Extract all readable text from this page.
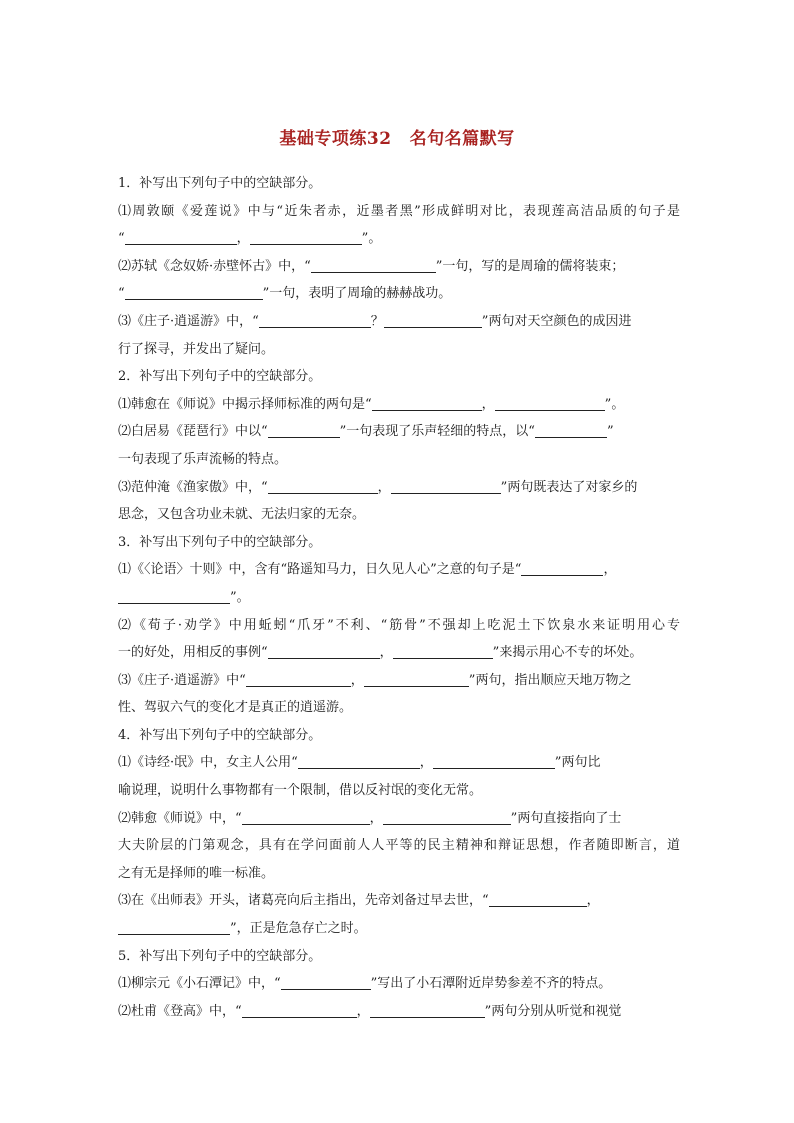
基础专项练32 名句名篇默写
1．补写出下列句子中的空缺部分。
⑴周敦颐《爱莲说》中与“近朱者赤，近墨者黑”形成鲜明对比，表现莲高洁品质的句子是
“	，	”。
⑵苏轼《念奴娇·赤壁怀古》中，“	”一句，写的是周瑜的儒将装束；
“	”一句，表明了周瑜的赫赫战功。
⑶《庄子·逍遥游》中，“	？	”两句对天空颜色的成因进
行了探寻，并发出了疑问。
2．补写出下列句子中的空缺部分。
⑴韩愈在《师说》中揭示择师标准的两句是“	，	”。
⑵白居易《琵琶行》中以“	”一句表现了乐声轻细的特点，以“	”
一句表现了乐声流畅的特点。
⑶范仲淹《渔家傲》中，“	，	”两句既表达了对家乡的
思念，又包含功业未就、无法归家的无奈。
3．补写出下列句子中的空缺部分。
⑴《〈论语〉十则》中，含有“路遥知马力，日久见人心”之意的句子是“	，
”。
⑵《荀子·劝学》中用蚯蚓“爪牙”不利、“筋骨”不强却上吃泥土下饮泉水来证明用心专
一的好处，用相反的事例“	，	”来揭示用心不专的坏处。
⑶《庄子·逍遥游》中“	，	”两句，指出顺应天地万物之
性、驾驭六气的变化才是真正的逍遥游。
4．补写出下列句子中的空缺部分。
⑴《诗经·氓》中，女主人公用“	，	”两句比
喻说理，说明什么事物都有一个限制，借以反衬氓的变化无常。
⑵韩愈《师说》中，“	，	”两句直接指向了士
大夫阶层的门第观念，具有在学问面前人人平等的民主精神和辩证思想，作者随即断言，道
之有无是择师的唯一标准。
⑶在《出师表》开头，诸葛亮向后主指出，先帝刘备过早去世，“	，
”，正是危急存亡之时。
5．补写出下列句子中的空缺部分。
⑴柳宗元《小石潭记》中，“	”写出了小石潭附近岸势参差不齐的特点。
⑵杜甫《登高》中，“	，	”两句分别从听觉和视觉
